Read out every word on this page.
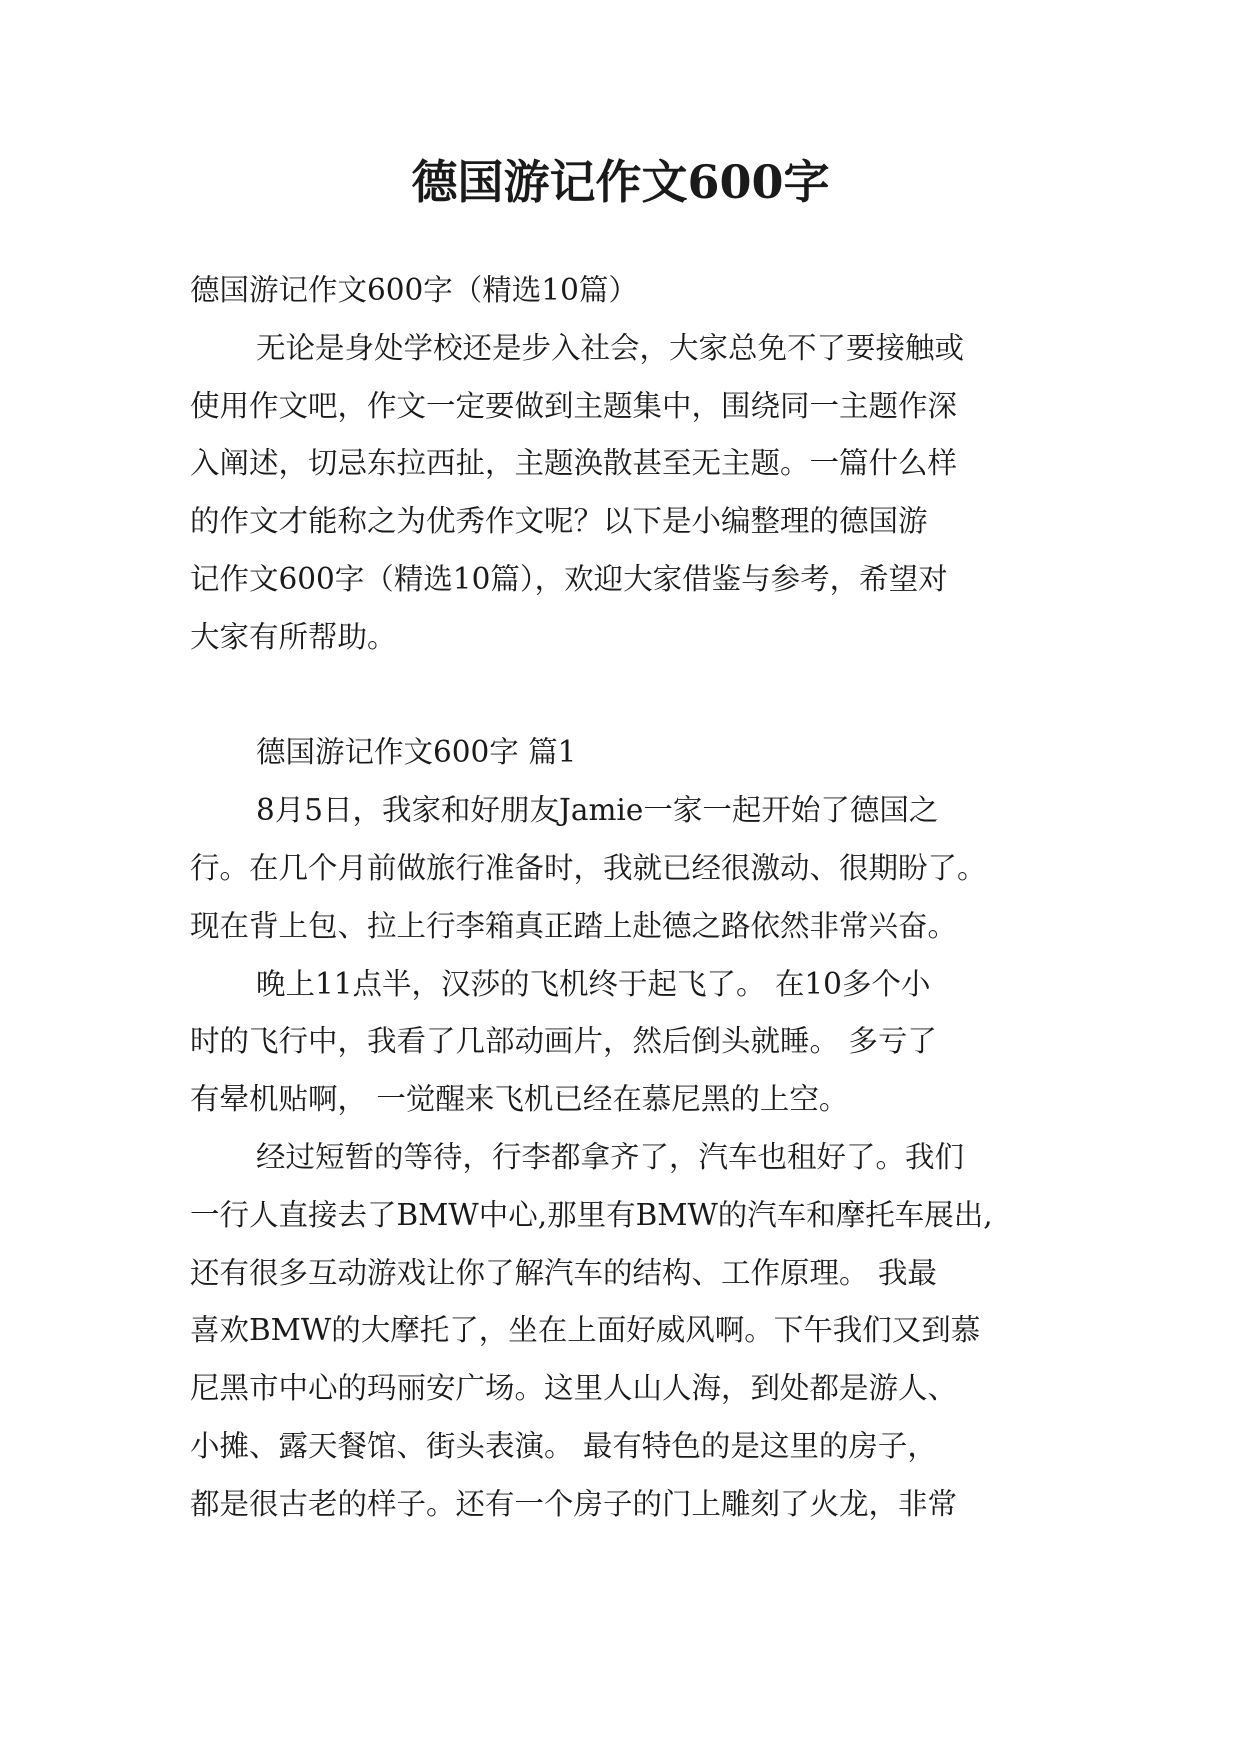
德国游记作文600字
德国游记作文600字（精选10篇）
无论是身处学校还是步入社会，大家总免不了要接触或
使用作文吧，作文一定要做到主题集中，围绕同一主题作深
入阐述，切忌东拉西扯，主题涣散甚至无主题。一篇什么样
的作文才能称之为优秀作文呢？以下是小编整理的德国游
记作文600字（精选10篇），欢迎大家借鉴与参考，希望对
大家有所帮助。
德国游记作文600字 篇1
8月5日，我家和好朋友Jamie一家一起开始了德国之
行。在几个月前做旅行准备时，我就已经很激动、很期盼了。
现在背上包、拉上行李箱真正踏上赴德之路依然非常兴奋。
晚上11点半，汉莎的飞机终于起飞了。 在10多个小
时的飞行中，我看了几部动画片，然后倒头就睡。 多亏了
有晕机贴啊， 一觉醒来飞机已经在慕尼黑的上空。
经过短暂的等待，行李都拿齐了，汽车也租好了。我们
一行人直接去了BMW中心,那里有BMW的汽车和摩托车展出,
还有很多互动游戏让你了解汽车的结构、工作原理。 我最
喜欢BMW的大摩托了，坐在上面好威风啊。下午我们又到慕
尼黑市中心的玛丽安广场。这里人山人海，到处都是游人、
小摊、露天餐馆、街头表演。 最有特色的是这里的房子，
都是很古老的样子。还有一个房子的门上雕刻了火龙，非常
